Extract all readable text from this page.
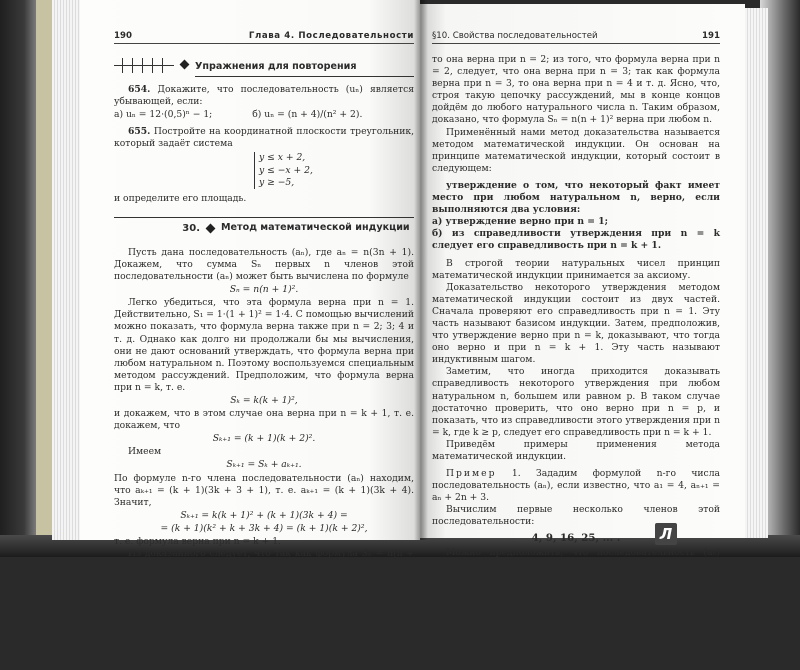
190	Глава 4. Последовательности
Упражнения для повторения

654. Докажите, что последовательность (uₙ) является убывающей, если:

а) uₙ = 12·(0,5)ⁿ − 1;	б) uₙ = (n + 4)/(n² + 2).

655. Постройте на координатной плоскости треугольник, который задаёт система

y ≤ x + 2,
y ≤ −x + 2,
y ≥ −5,

и определите его площадь.

30. Метод математической индукции

Пусть дана последовательность (aₙ), где aₙ = n(3n + 1). Докажем, что сумма Sₙ первых n членов этой последовательности (aₙ) может быть вычислена по формуле

Sₙ = n(n + 1)².

Легко убедиться, что эта формула верна при n = 1. Действительно, S₁ = 1·(1 + 1)² = 1·4. С помощью вычислений можно показать, что формула верна также при n = 2; 3; 4 и т. д. Однако как долго ни продолжали бы мы вычисления, они не дают оснований утверждать, что формула верна при любом натуральном n. Поэтому воспользуемся специальным методом рассуждений. Предположим, что формула верна при n = k, т. е.

Sₖ = k(k + 1)²,

и докажем, что в этом случае она верна при n = k + 1, т. е. докажем, что

Sₖ₊₁ = (k + 1)(k + 2)².

Имеем

Sₖ₊₁ = Sₖ + aₖ₊₁.

По формуле n-го члена последовательности (aₙ) находим, что aₖ₊₁ = (k + 1)(3k + 3 + 1), т. е. aₖ₊₁ = (k + 1)(3k + 4). Значит,

Sₖ₊₁ = k(k + 1)² + (k + 1)(3k + 4) =

= (k + 1)(k² + k + 3k + 4) = (k + 1)(k + 2)²,

т. е. формула верна при n = k + 1.

Из доказанного следует, что так как формула Sₙ = n(n + 1)² верна при n = 1 (в этом мы убедились с помощью вычислений),

§10. Свойства последовательностей	191

то она верна при n = 2; из того, что формула верна при n = 2, следует, что она верна при n = 3; так как формула верна при n = 3, то она верна при n = 4 и т. д. Ясно, что, строя такую цепочку рассуждений, мы в конце концов дойдём до любого натурального числа n. Таким образом, доказано, что формула Sₙ = n(n + 1)² верна при любом n.

Применённый нами метод доказательства называется методом математической индукции. Он основан на принципе математической индукции, который состоит в следующем:

утверждение о том, что некоторый факт имеет место при любом натуральном n, верно, если выполняются два условия:

а) утверждение верно при n = 1;

б) из справедливости утверждения при n = k следует его справедливость при n = k + 1.

В строгой теории натуральных чисел принцип математической индукции принимается за аксиому.

Доказательство некоторого утверждения методом математической индукции состоит из двух частей. Сначала проверяют его справедливость при n = 1. Эту часть называют базисом индукции. Затем, предположив, что утверждение верно при n = k, доказывают, что тогда оно верно и при n = k + 1. Эту часть называют индуктивным шагом.

Заметим, что иногда приходится доказывать справедливость некоторого утверждения при любом натуральном n, большем или равном p. В таком случае достаточно проверить, что оно верно при n = p, и показать, что из справедливости этого утверждения при n = k, где k ≥ p, следует его справедливость при n = k + 1.

Приведём примеры применения метода математической индукции.

Пример 1. Зададим формулой n-го числа последовательность (aₙ), если известно, что a₁ = 4, aₙ₊₁ = aₙ + 2n + 3.

Вычислим первые несколько членов этой последовательности:

4, 9, 16, 25, ... .

Можно предположить, что последовательность (aₙ) задаётся формулой aₙ = (n + 1)². Докажем справедливость этого утверждения, пользуясь методом математической индукции.

Для n = 1 формула верна. Допустим, что она верна для n = k, т. е. aₖ = (k + 1)², и докажем, что она верна для n = k + 1, т. е. aₖ₊₁ = (k + 2)².

По условию aₖ₊₁ = aₖ + 2k + 3. Заменив aₖ на (k + 1)², получим, что

aₖ₊₁ = (k + 1)² + 2k + 3 = k² + 2k + 1 + 2k + 3 = (k + 2)².

Л
